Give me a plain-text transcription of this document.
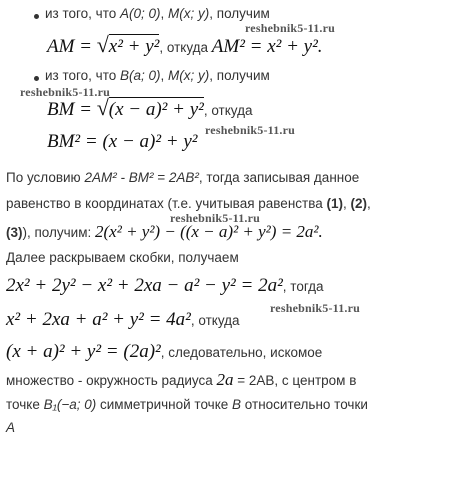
из того, что A(0; 0), M(x; y), получим
reshebnik5-11.ru
AM = √ x² + y², откуда AM² = x² + y².
из того, что B(a; 0), M(x; y), получим
reshebnik5-11.ru
BM = √ (x − a)² + y², откуда
BM² = (x − a)² + y²
reshebnik5-11.ru
По условию 2AM² - BM² = 2AB², тогда записывая данное
равенство в координатах (т.е. учитывая равенства (1), (2),
reshebnik5-11.ru
(3)), получим: 2(x² + y²) − ((x − a)² + y²) = 2a².
Далее раскрываем скобки, получаем
2x² + 2y² − x² + 2xa − a² − y² = 2a², тогда
reshebnik5-11.ru
x² + 2xa + a² + y² = 4a², откуда
(x + a)² + y² = (2a)², следовательно, искомое
множество - окружность радиуса 2a = 2AB, с центром в
точке B₁(−a; 0) симметричной точке B относительно точки
A
